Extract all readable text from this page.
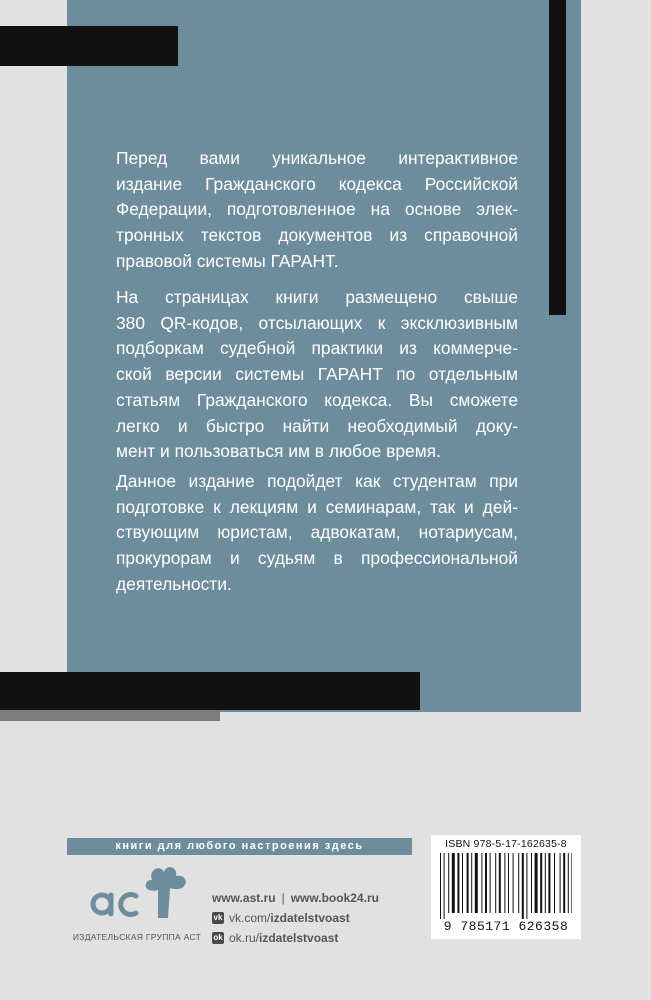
Перед вами уникальное интерактивное
издание Гражданского кодекса Российской
Федерации, подготовленное на основе элек-
тронных текстов документов из справочной
правовой системы ГАРАНТ.
На страницах книги размещено свыше
380 QR-кодов, отсылающих к эксклюзивным
подборкам судебной практики из коммерче-
ской версии системы ГАРАНТ по отдельным
статьям Гражданского кодекса. Вы сможете
легко и быстро найти необходимый доку-
мент и пользоваться им в любое время.
Данное издание подойдет как студентам при
подготовке к лекциям и семинарам, так и дей-
ствующим юристам, адвокатам, нотариусам,
прокурорам и судьям в профессиональной
деятельности.
книги для любого настроения здесь
ИЗДАТЕЛЬСКАЯ ГРУППА АСТ
www.ast.ru | www.book24.ru
vk vk.com/ izdatelstvoast
ok ok.ru/ izdatelstvoast
ISBN 978-5-17-162635-8
9 785171 626358
